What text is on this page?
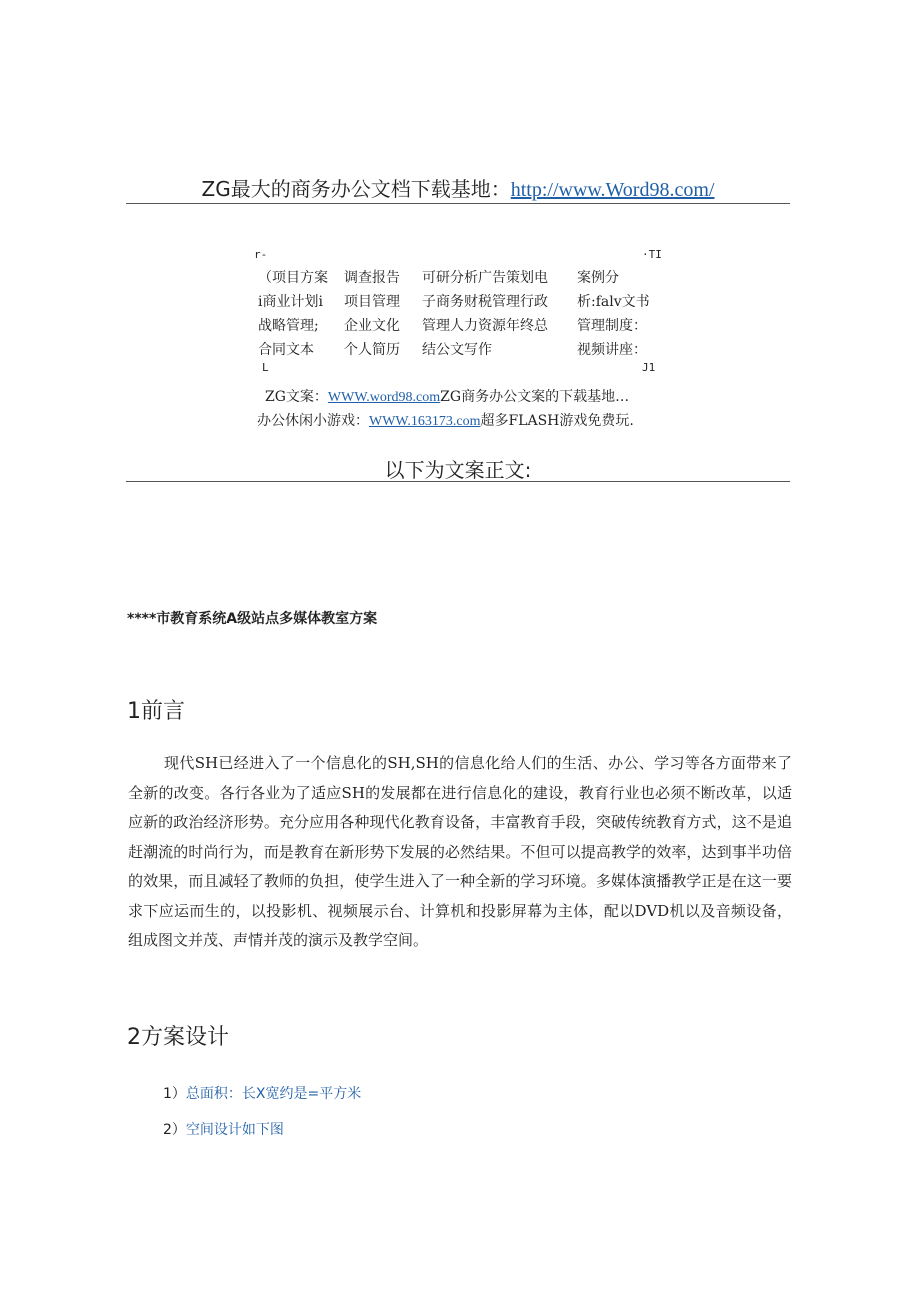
ZG最大的商务办公文档下载基地：http://www.Word98.com/
r-	·TI
L	J1
（项目方案	调查报告	可研分析广告策划电	案例分
i商业计划i	项目管理	子商务财税管理行政	析:falv文书
战略管理;	企业文化	管理人力资源年终总	管理制度：
合同文本	个人简历	结公文写作	视频讲座：
ZG文案：WWW.word98.comZG商务办公文案的下载基地…
办公休闲小游戏：WWW.163173.com超多FLASH游戏免费玩.
以下为文案正文:
****市教育系统A级站点多媒体教室方案
1前言
现代SH已经进入了一个信息化的SH,SH的信息化给人们的生活、办公、学习等各方面带来了全新的改变。各行各业为了适应SH的发展都在进行信息化的建设，教育行业也必须不断改革，以适应新的政治经济形势。充分应用各种现代化教育设备，丰富教育手段，突破传统教育方式，这不是追赶潮流的时尚行为，而是教育在新形势下发展的必然结果。不但可以提高教学的效率，达到事半功倍的效果，而且减轻了教师的负担，使学生进入了一种全新的学习环境。多媒体演播教学正是在这一要求下应运而生的，以投影机、视频展示台、计算机和投影屏幕为主体，配以DVD机以及音频设备，组成图文并茂、声情并茂的演示及教学空间。
2方案设计
1）总面积：长X宽约是=平方米
2）空间设计如下图
